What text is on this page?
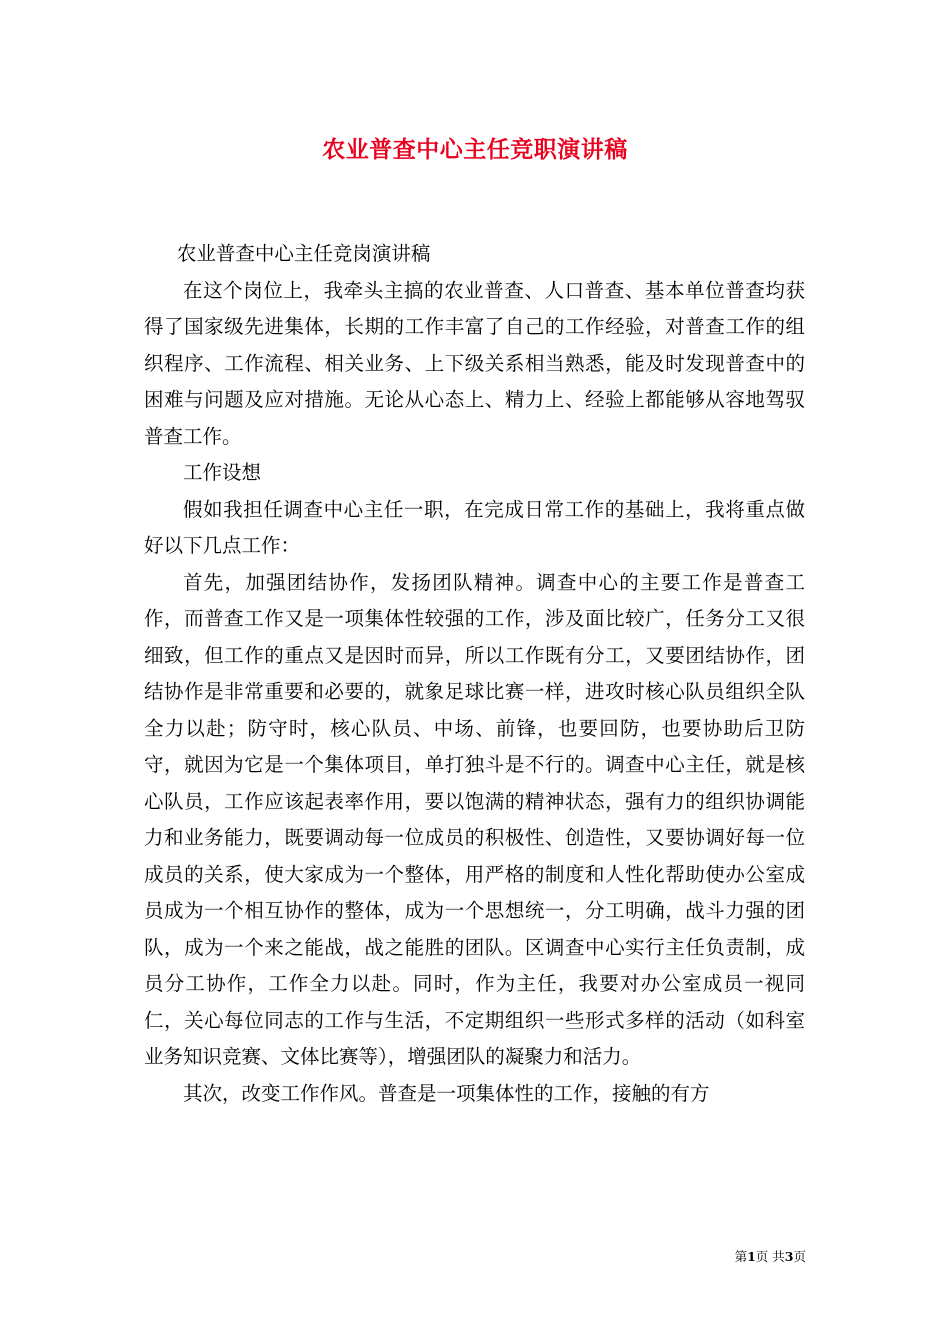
农业普查中心主任竞职演讲稿

农业普查中心主任竞岗演讲稿

在这个岗位上，我牵头主搞的农业普查、人口普查、基本单位普查均获得了国家级先进集体，长期的工作丰富了自己的工作经验，对普查工作的组织程序、工作流程、相关业务、上下级关系相当熟悉，能及时发现普查中的困难与问题及应对措施。无论从心态上、精力上、经验上都能够从容地驾驭普查工作。

工作设想

假如我担任调查中心主任一职，在完成日常工作的基础上，我将重点做好以下几点工作：

首先，加强团结协作，发扬团队精神。调查中心的主要工作是普查工作，而普查工作又是一项集体性较强的工作，涉及面比较广，任务分工又很细致，但工作的重点又是因时而异，所以工作既有分工，又要团结协作，团结协作是非常重要和必要的，就象足球比赛一样，进攻时核心队员组织全队全力以赴；防守时，核心队员、中场、前锋，也要回防，也要协助后卫防守，就因为它是一个集体项目，单打独斗是不行的。调查中心主任，就是核心队员，工作应该起表率作用，要以饱满的精神状态，强有力的组织协调能力和业务能力，既要调动每一位成员的积极性、创造性，又要协调好每一位成员的关系，使大家成为一个整体，用严格的制度和人性化帮助使办公室成员成为一个相互协作的整体，成为一个思想统一，分工明确，战斗力强的团队，成为一个来之能战，战之能胜的团队。区调查中心实行主任负责制，成员分工协作，工作全力以赴。同时，作为主任，我要对办公室成员一视同仁，关心每位同志的工作与生活，不定期组织一些形式多样的活动（如科室业务知识竞赛、文体比赛等），增强团队的凝聚力和活力。

其次，改变工作作风。普查是一项集体性的工作，接触的有方

第1页 共3页
